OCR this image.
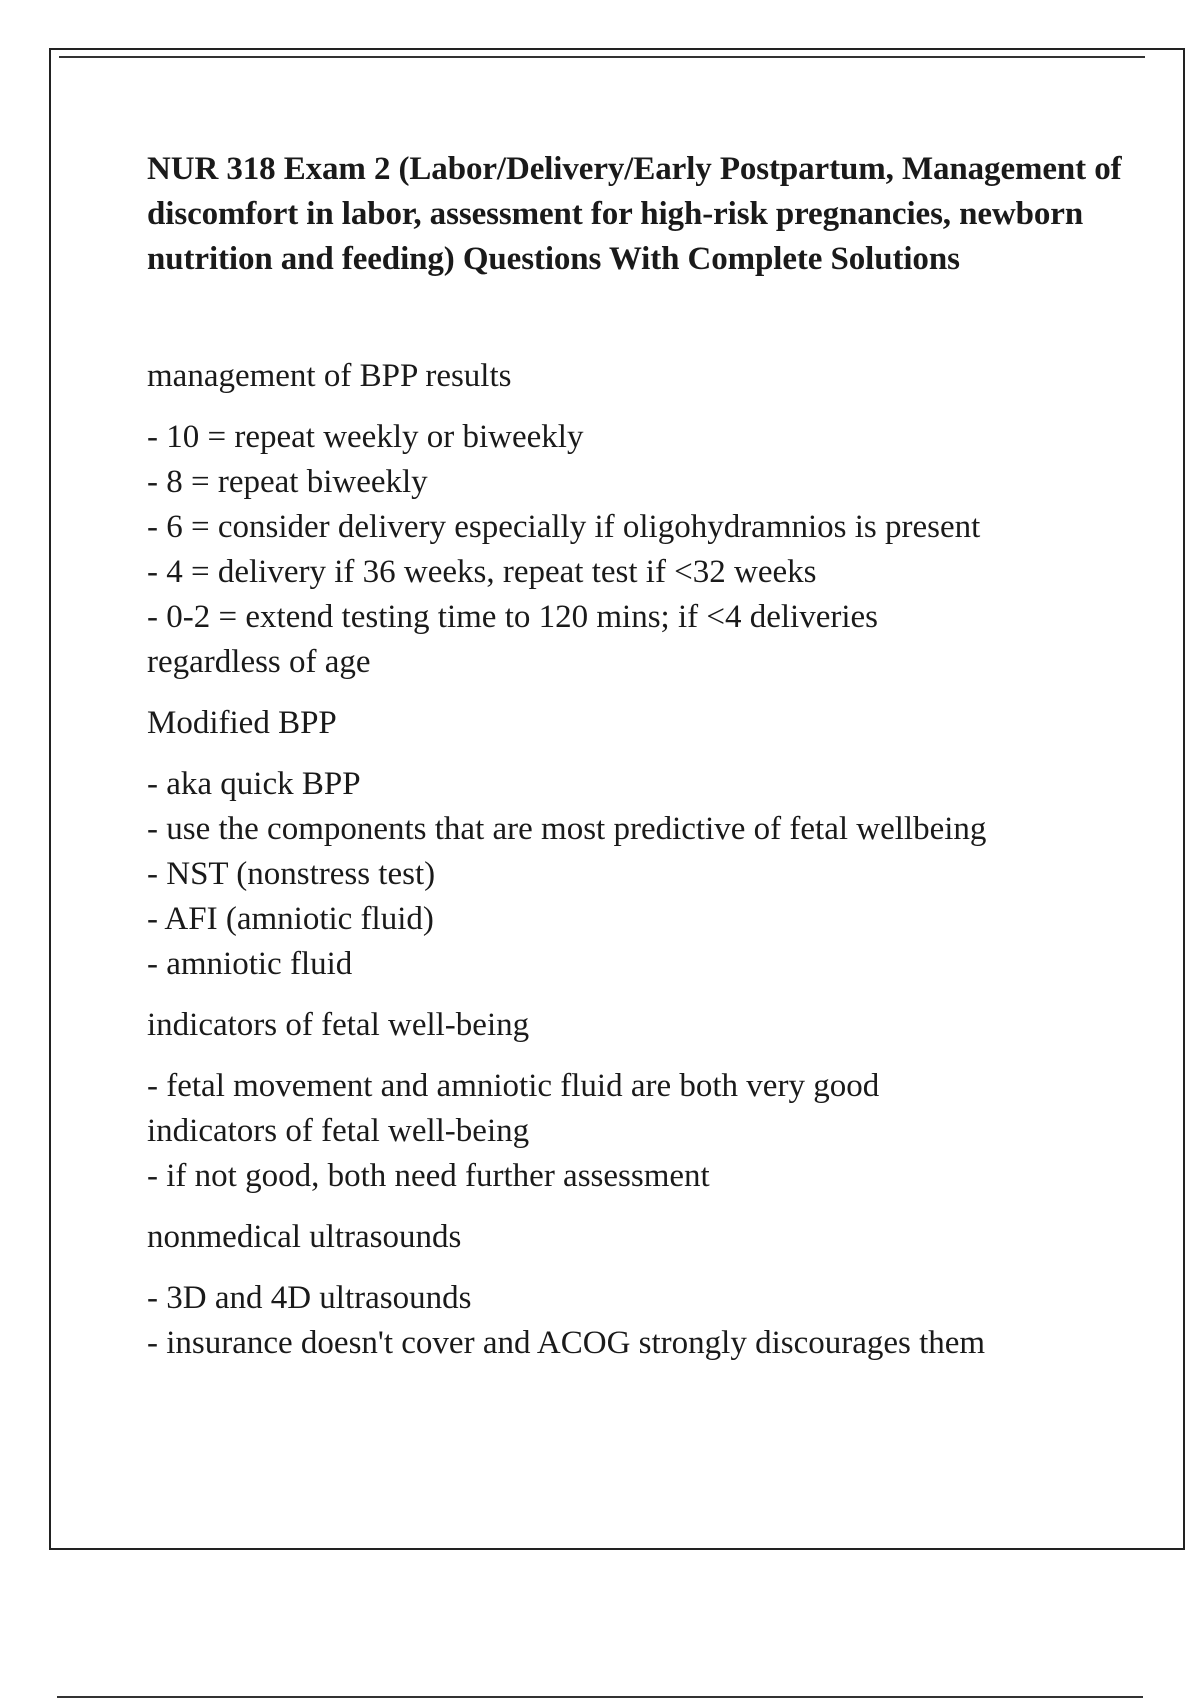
NUR 318 Exam 2 (Labor/Delivery/Early Postpartum, Management of discomfort in labor, assessment for high-risk pregnancies, newborn nutrition and feeding) Questions With Complete Solutions

management of BPP results

- 10 = repeat weekly or biweekly
- 8 = repeat biweekly
- 6 = consider delivery especially if oligohydramnios is present
- 4 = delivery if 36 weeks, repeat test if <32 weeks
- 0-2 = extend testing time to 120 mins; if <4 deliveries regardless of age

Modified BPP

- aka quick BPP
- use the components that are most predictive of fetal wellbeing
- NST (nonstress test)
- AFI (amniotic fluid)
- amniotic fluid

indicators of fetal well-being

- fetal movement and amniotic fluid are both very good indicators of fetal well-being
- if not good, both need further assessment

nonmedical ultrasounds

- 3D and 4D ultrasounds
- insurance doesn't cover and ACOG strongly discourages them
